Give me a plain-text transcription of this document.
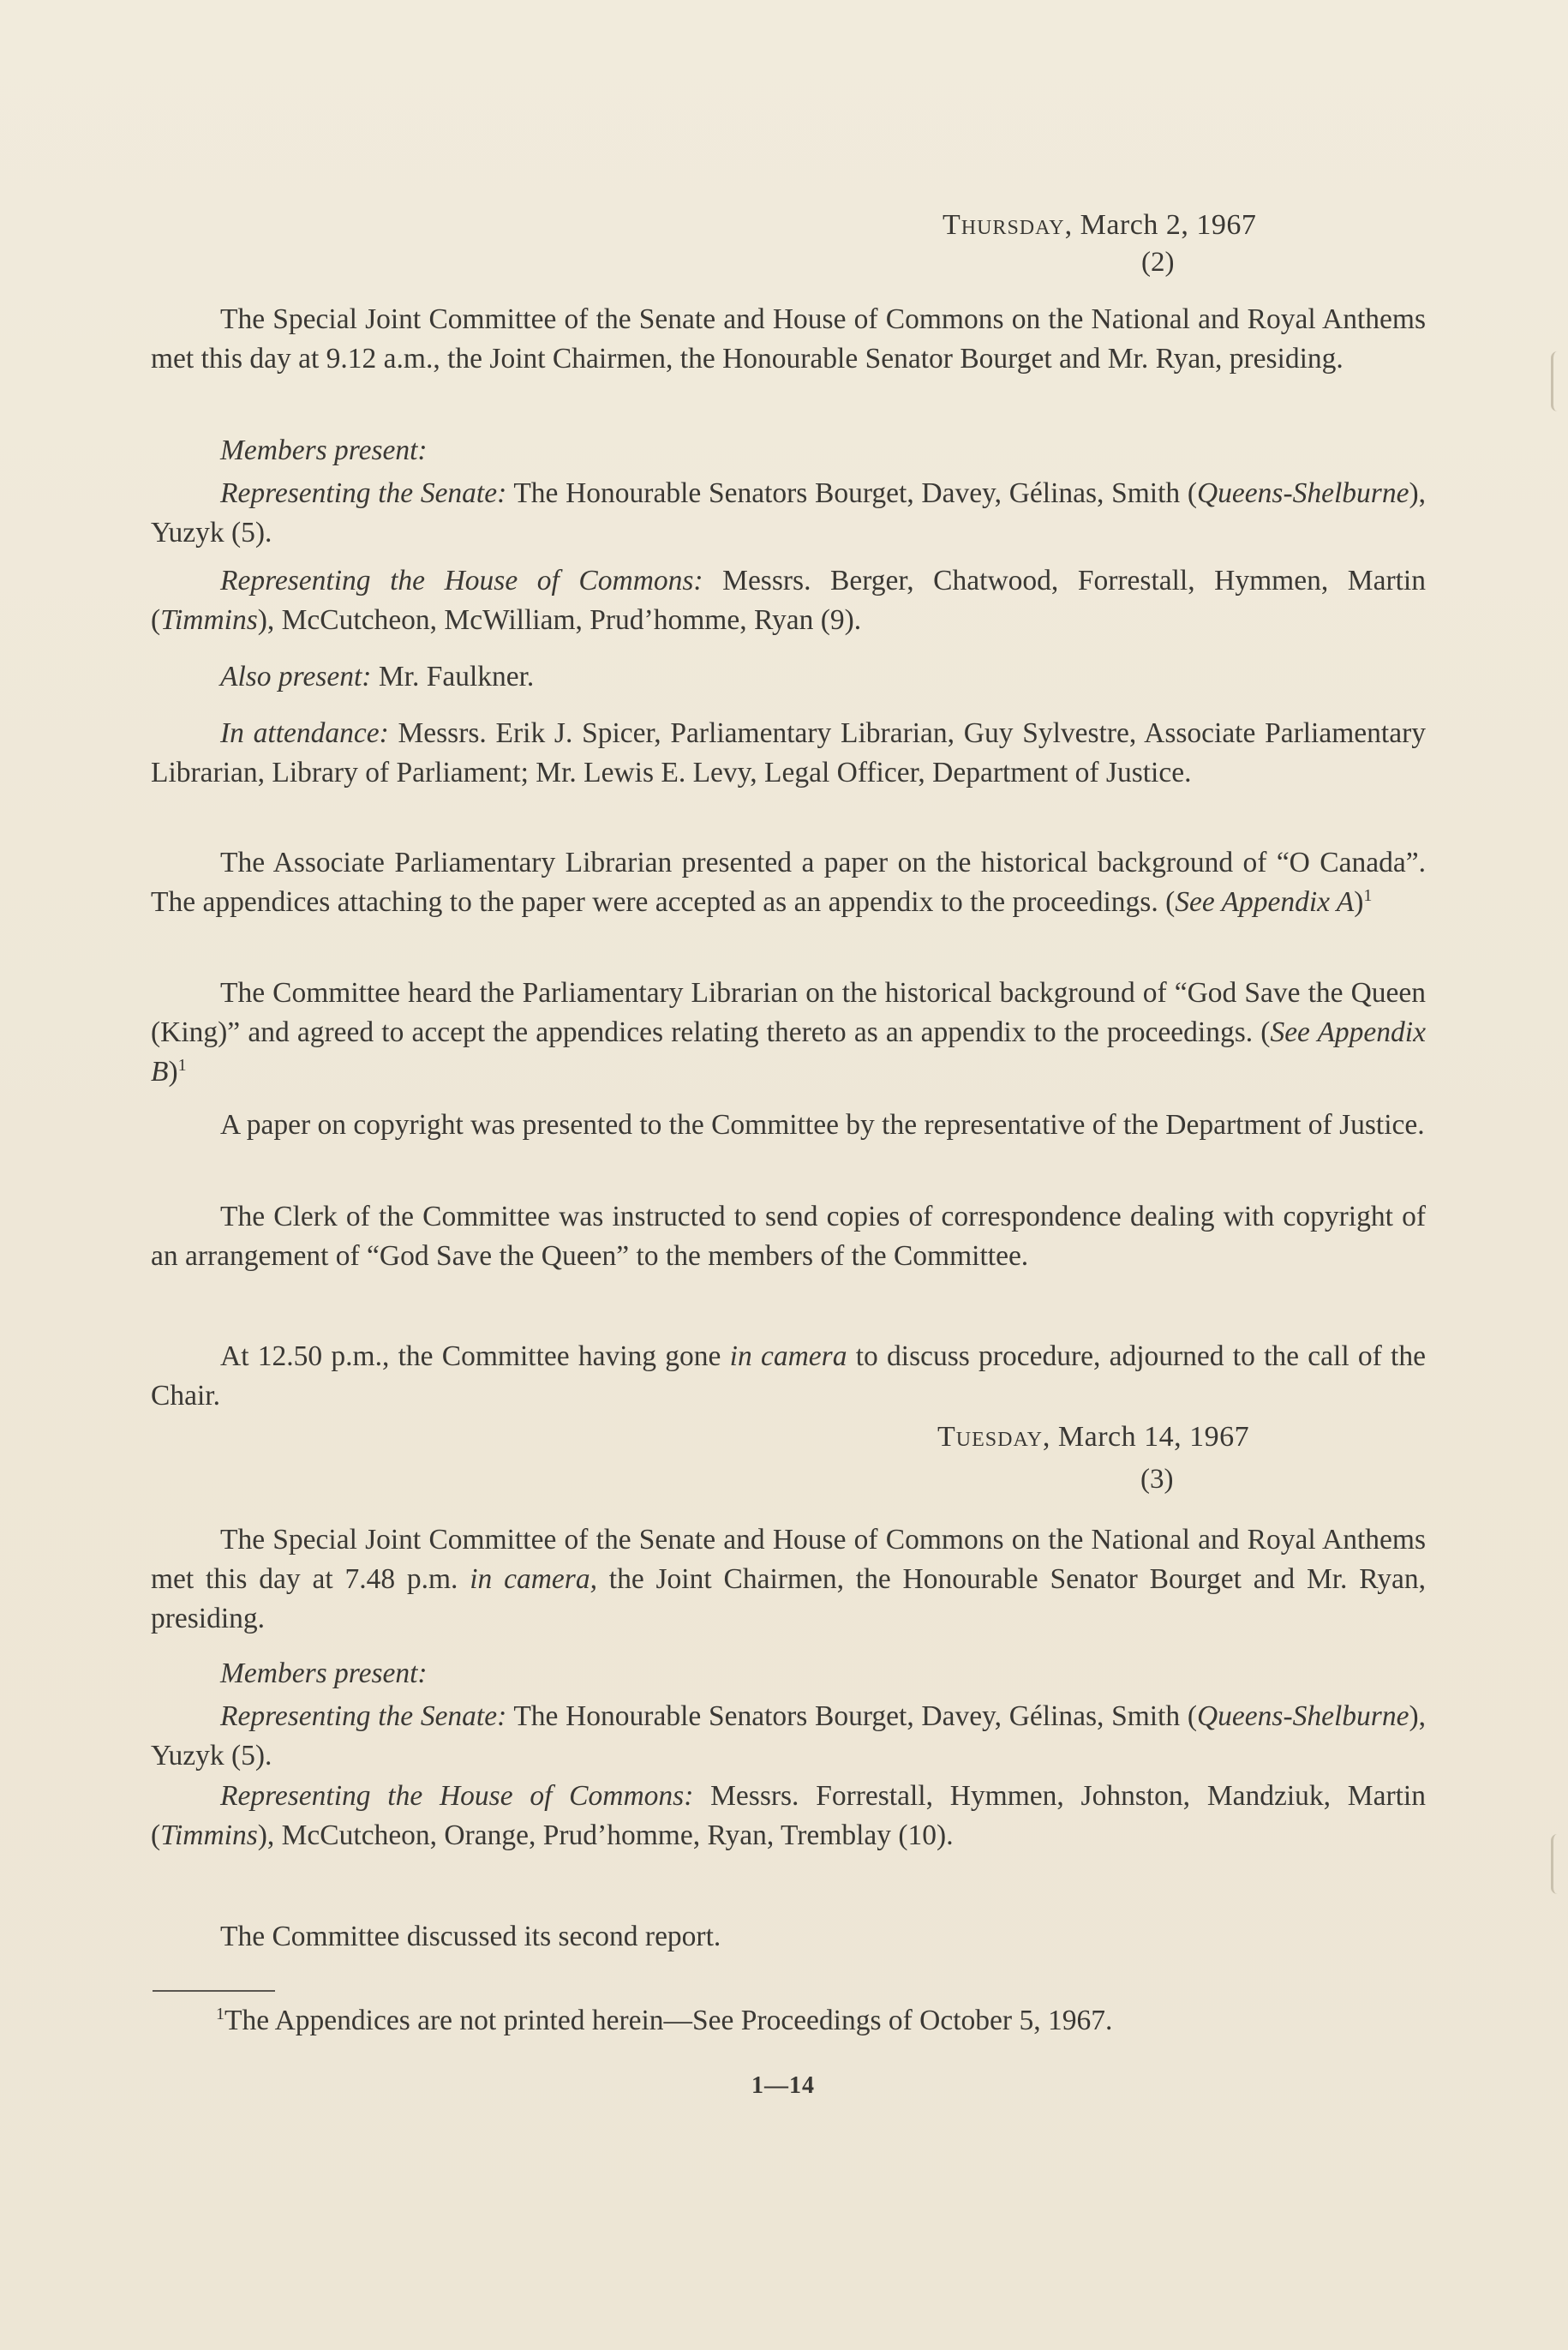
Thursday, March 2, 1967
(2)

The Special Joint Committee of the Senate and House of Commons on the National and Royal Anthems met this day at 9.12 a.m., the Joint Chairmen, the Honourable Senator Bourget and Mr. Ryan, presiding.

Members present:

Representing the Senate: The Honourable Senators Bourget, Davey, Gélinas, Smith (Queens-Shelburne), Yuzyk (5).

Representing the House of Commons: Messrs. Berger, Chatwood, Forrestall, Hymmen, Martin (Timmins), McCutcheon, McWilliam, Prud’homme, Ryan (9).

Also present: Mr. Faulkner.

In attendance: Messrs. Erik J. Spicer, Parliamentary Librarian, Guy Sylvestre, Associate Parliamentary Librarian, Library of Parliament; Mr. Lewis E. Levy, Legal Officer, Department of Justice.

The Associate Parliamentary Librarian presented a paper on the historical background of “O Canada”. The appendices attaching to the paper were accepted as an appendix to the proceedings. (See Appendix A)$^1$

The Committee heard the Parliamentary Librarian on the historical background of “God Save the Queen (King)” and agreed to accept the appendices relating thereto as an appendix to the proceedings. (See Appendix B)$^1$

A paper on copyright was presented to the Committee by the representative of the Department of Justice.

The Clerk of the Committee was instructed to send copies of correspondence dealing with copyright of an arrangement of “God Save the Queen” to the members of the Committee.

At 12.50 p.m., the Committee having gone in camera to discuss procedure, adjourned to the call of the Chair.

Tuesday, March 14, 1967
(3)

The Special Joint Committee of the Senate and House of Commons on the National and Royal Anthems met this day at 7.48 p.m. in camera, the Joint Chairmen, the Honourable Senator Bourget and Mr. Ryan, presiding.

Members present:

Representing the Senate: The Honourable Senators Bourget, Davey, Gélinas, Smith (Queens-Shelburne), Yuzyk (5).

Representing the House of Commons: Messrs. Forrestall, Hymmen, Johnston, Mandziuk, Martin (Timmins), McCutcheon, Orange, Prud’homme, Ryan, Tremblay (10).

The Committee discussed its second report.

$^1$The Appendices are not printed herein—See Proceedings of October 5, 1967.
1—14
